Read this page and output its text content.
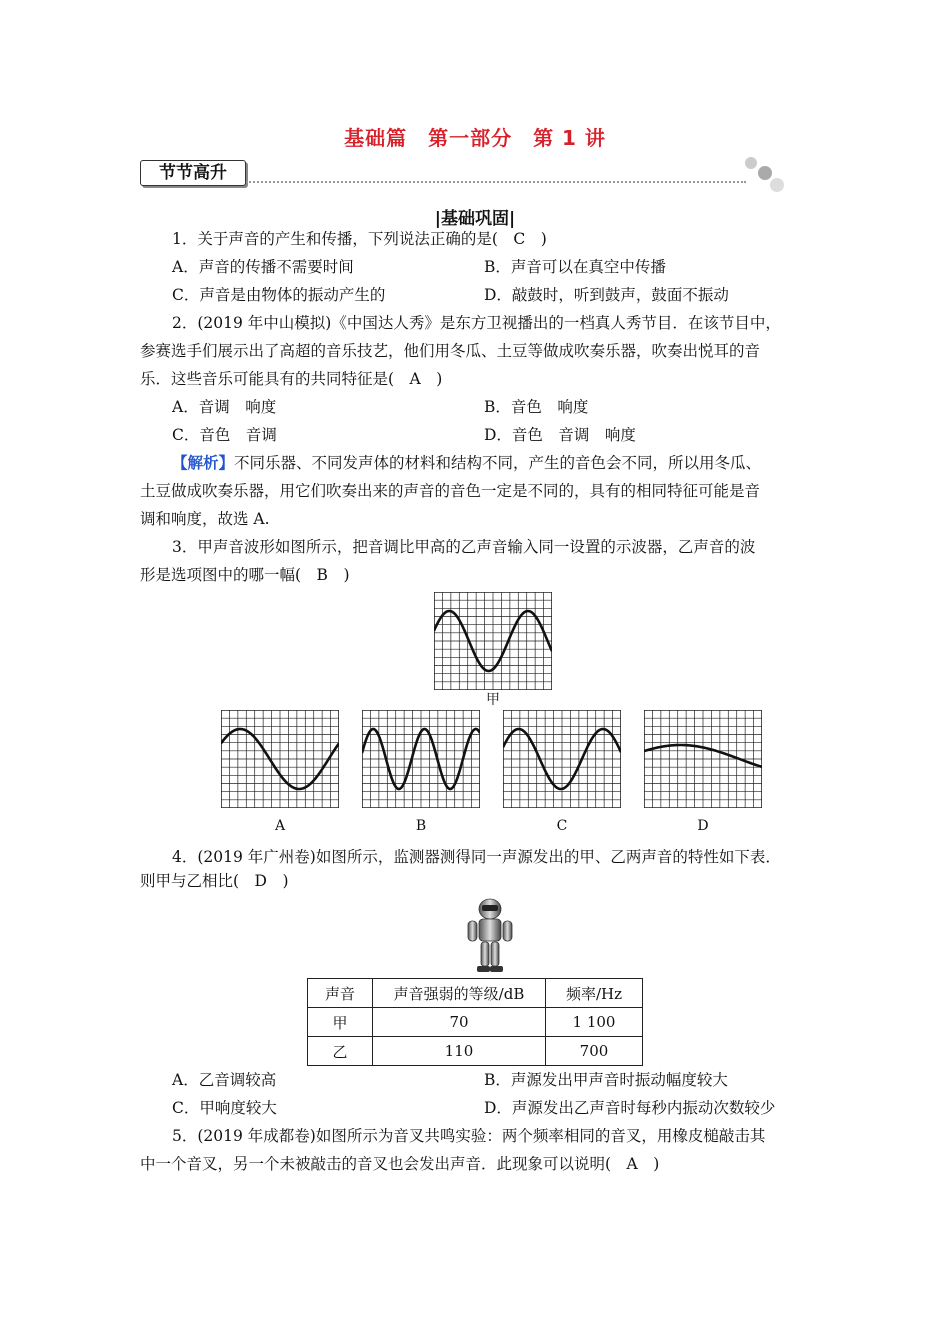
基础篇　第一部分　第 1 讲
节节高升
|基础巩固|
1．关于声音的产生和传播，下列说法正确的是(　C　)
A．声音的传播不需要时间	B．声音可以在真空中传播
C．声音是由物体的振动产生的	D．敲鼓时，听到鼓声，鼓面不振动
2．(2019 年中山模拟)《中国达人秀》是东方卫视播出的一档真人秀节目．在该节目中，
参赛选手们展示出了高超的音乐技艺，他们用冬瓜、土豆等做成吹奏乐器，吹奏出悦耳的音
乐．这些音乐可能具有的共同特征是(　A　)
A．音调　响度	B．音色　响度
C．音色　音调	D．音色　音调　响度
【解析】不同乐器、不同发声体的材料和结构不同，产生的音色会不同，所以用冬瓜、
土豆做成吹奏乐器，用它们吹奏出来的声音的音色一定是不同的，具有的相同特征可能是音
调和响度，故选 A.
3．甲声音波形如图所示，把音调比甲高的乙声音输入同一设置的示波器，乙声音的波
形是选项图中的哪一幅(　B　)
甲
A	B	C	D
4．(2019 年广州卷)如图所示，监测器测得同一声源发出的甲、乙两声音的特性如下表．
则甲与乙相比(　D　)
声音	声音强弱的等级/dB	频率/Hz
甲	70	1 100
乙	110	700
A．乙音调较高	B．声源发出甲声音时振动幅度较大
C．甲响度较大	D．声源发出乙声音时每秒内振动次数较少
5．(2019 年成都卷)如图所示为音叉共鸣实验：两个频率相同的音叉，用橡皮槌敲击其
中一个音叉，另一个未被敲击的音叉也会发出声音．此现象可以说明(　A　)
